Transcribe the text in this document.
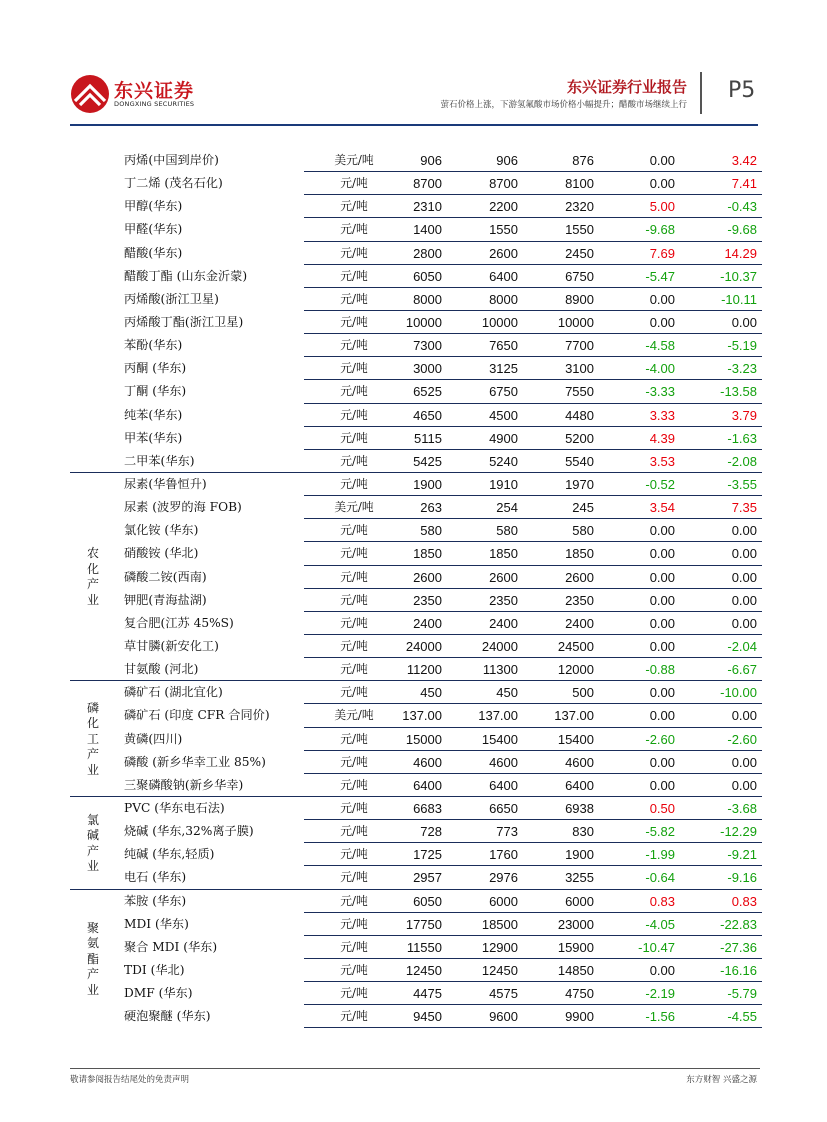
东兴证券
DONGXING SECURITIES
东兴证券行业报告
萤石价格上涨，下游氢氟酸市场价格小幅提升；醋酸市场继续上行
P5
丙烯(中国到岸价)	美元/吨	906	906	876	0.00	3.42
丁二烯 (茂名石化)	元/吨	8700	8700	8100	0.00	7.41
甲醇(华东)	元/吨	2310	2200	2320	5.00	-0.43
甲醛(华东)	元/吨	1400	1550	1550	-9.68	-9.68
醋酸(华东)	元/吨	2800	2600	2450	7.69	14.29
醋酸丁酯 (山东金沂蒙)	元/吨	6050	6400	6750	-5.47	-10.37
丙烯酸(浙江卫星)	元/吨	8000	8000	8900	0.00	-10.11
丙烯酸丁酯(浙江卫星)	元/吨	10000	10000	10000	0.00	0.00
苯酚(华东)	元/吨	7300	7650	7700	-4.58	-5.19
丙酮 (华东)	元/吨	3000	3125	3100	-4.00	-3.23
丁酮 (华东)	元/吨	6525	6750	7550	-3.33	-13.58
纯苯(华东)	元/吨	4650	4500	4480	3.33	3.79
甲苯(华东)	元/吨	5115	4900	5200	4.39	-1.63
二甲苯(华东)	元/吨	5425	5240	5540	3.53	-2.08
尿素(华鲁恒升)	元/吨	1900	1910	1970	-0.52	-3.55
尿素 (波罗的海 FOB)	美元/吨	263	254	245	3.54	7.35
氯化铵 (华东)	元/吨	580	580	580	0.00	0.00
硝酸铵 (华北)	元/吨	1850	1850	1850	0.00	0.00
磷酸二铵(西南)	元/吨	2600	2600	2600	0.00	0.00
钾肥(青海盐湖)	元/吨	2350	2350	2350	0.00	0.00
复合肥(江苏 45%S)	元/吨	2400	2400	2400	0.00	0.00
草甘膦(新安化工)	元/吨	24000	24000	24500	0.00	-2.04
甘氨酸 (河北)	元/吨	11200	11300	12000	-0.88	-6.67
磷矿石 (湖北宜化)	元/吨	450	450	500	0.00	-10.00
磷矿石 (印度 CFR 合同价)	美元/吨	137.00	137.00	137.00	0.00	0.00
黄磷(四川)	元/吨	15000	15400	15400	-2.60	-2.60
磷酸 (新乡华幸工业 85%)	元/吨	4600	4600	4600	0.00	0.00
三聚磷酸钠(新乡华幸)	元/吨	6400	6400	6400	0.00	0.00
PVC (华东电石法)	元/吨	6683	6650	6938	0.50	-3.68
烧碱 (华东,32%离子膜)	元/吨	728	773	830	-5.82	-12.29
纯碱 (华东,轻质)	元/吨	1725	1760	1900	-1.99	-9.21
电石 (华东)	元/吨	2957	2976	3255	-0.64	-9.16
苯胺 (华东)	元/吨	6050	6000	6000	0.83	0.83
MDI (华东)	元/吨	17750	18500	23000	-4.05	-22.83
聚合 MDI (华东)	元/吨	11550	12900	15900	-10.47	-27.36
TDI (华北)	元/吨	12450	12450	14850	0.00	-16.16
DMF (华东)	元/吨	4475	4575	4750	-2.19	-5.79
硬泡聚醚 (华东)	元/吨	9450	9600	9900	-1.56	-4.55
农
化
产
业
磷
化
工
产
业
氯
碱
产
业
聚
氨
酯
产
业
敬请参阅报告结尾处的免责声明	东方财智 兴盛之源
